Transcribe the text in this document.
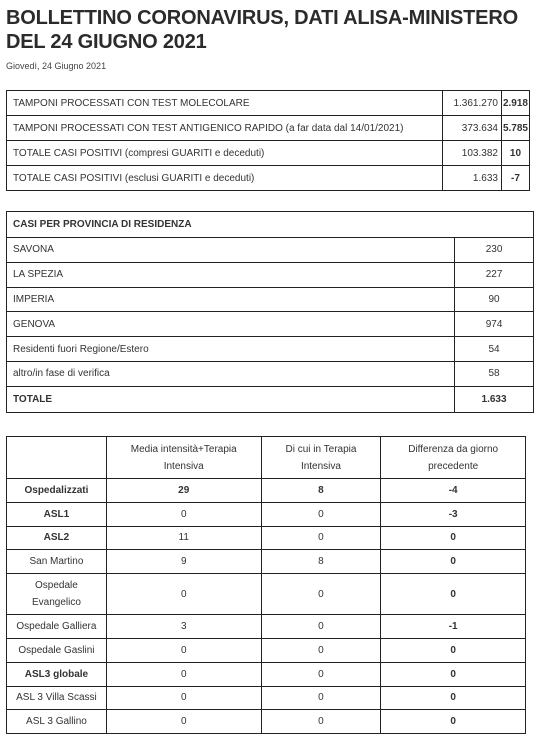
BOLLETTINO CORONAVIRUS, DATI ALISA-MINISTERO DEL 24 GIUGNO 2021
Giovedì, 24 Giugno 2021
TAMPONI PROCESSATI CON TEST MOLECOLARE	1.361.270	2.918
TAMPONI PROCESSATI CON TEST ANTIGENICO RAPIDO (a far data dal 14/01/2021)	373.634	5.785
TOTALE CASI POSITIVI (compresi GUARITI e deceduti)	103.382	10
TOTALE CASI POSITIVI (esclusi GUARITI e deceduti)	1.633	-7
CASI PER PROVINCIA DI RESIDENZA	
SAVONA	230
LA SPEZIA	227
IMPERIA	90
GENOVA	974
Residenti fuori Regione/Estero	54
altro/in fase di verifica	58
TOTALE	1.633
	Media intensità+Terapia Intensiva	Di cui in Terapia Intensiva	Differenza da giorno precedente
Ospedalizzati	29	8	-4
ASL1	0	0	-3
ASL2	11	0	0
San Martino	9	8	0
Ospedale Evangelico	0	0	0
Ospedale Galliera	3	0	-1
Ospedale Gaslini	0	0	0
ASL3 globale	0	0	0
ASL 3 Villa Scassi	0	0	0
ASL 3 Gallino	0	0	0
